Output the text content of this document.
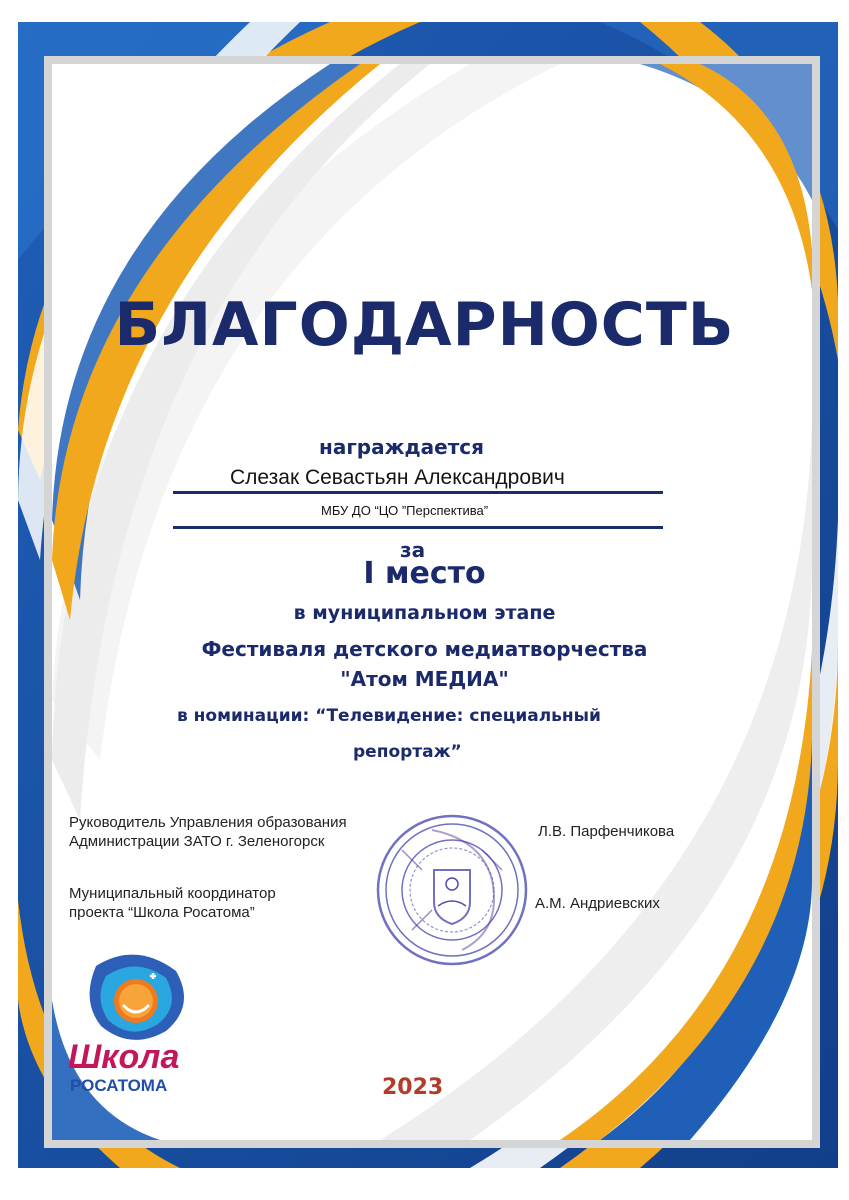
БЛАГОДАРНОСТЬ
награждается
Слезак Севастьян Александрович
МБУ ДО “ЦО ”Перспектива”
за
I место
в муниципальном этапе
Фестиваля детского медиатворчества
"Атом МЕДИА"
в номинации: “Телевидение: специальный
репортаж”
Руководитель Управления образования
Администрации ЗАТО г. Зеленогорск
Л.В. Парфенчикова
Муниципальный координатор
проекта “Школа Росатома”
А.М. Андриевских
Школа
РОСАТОМА	2023
